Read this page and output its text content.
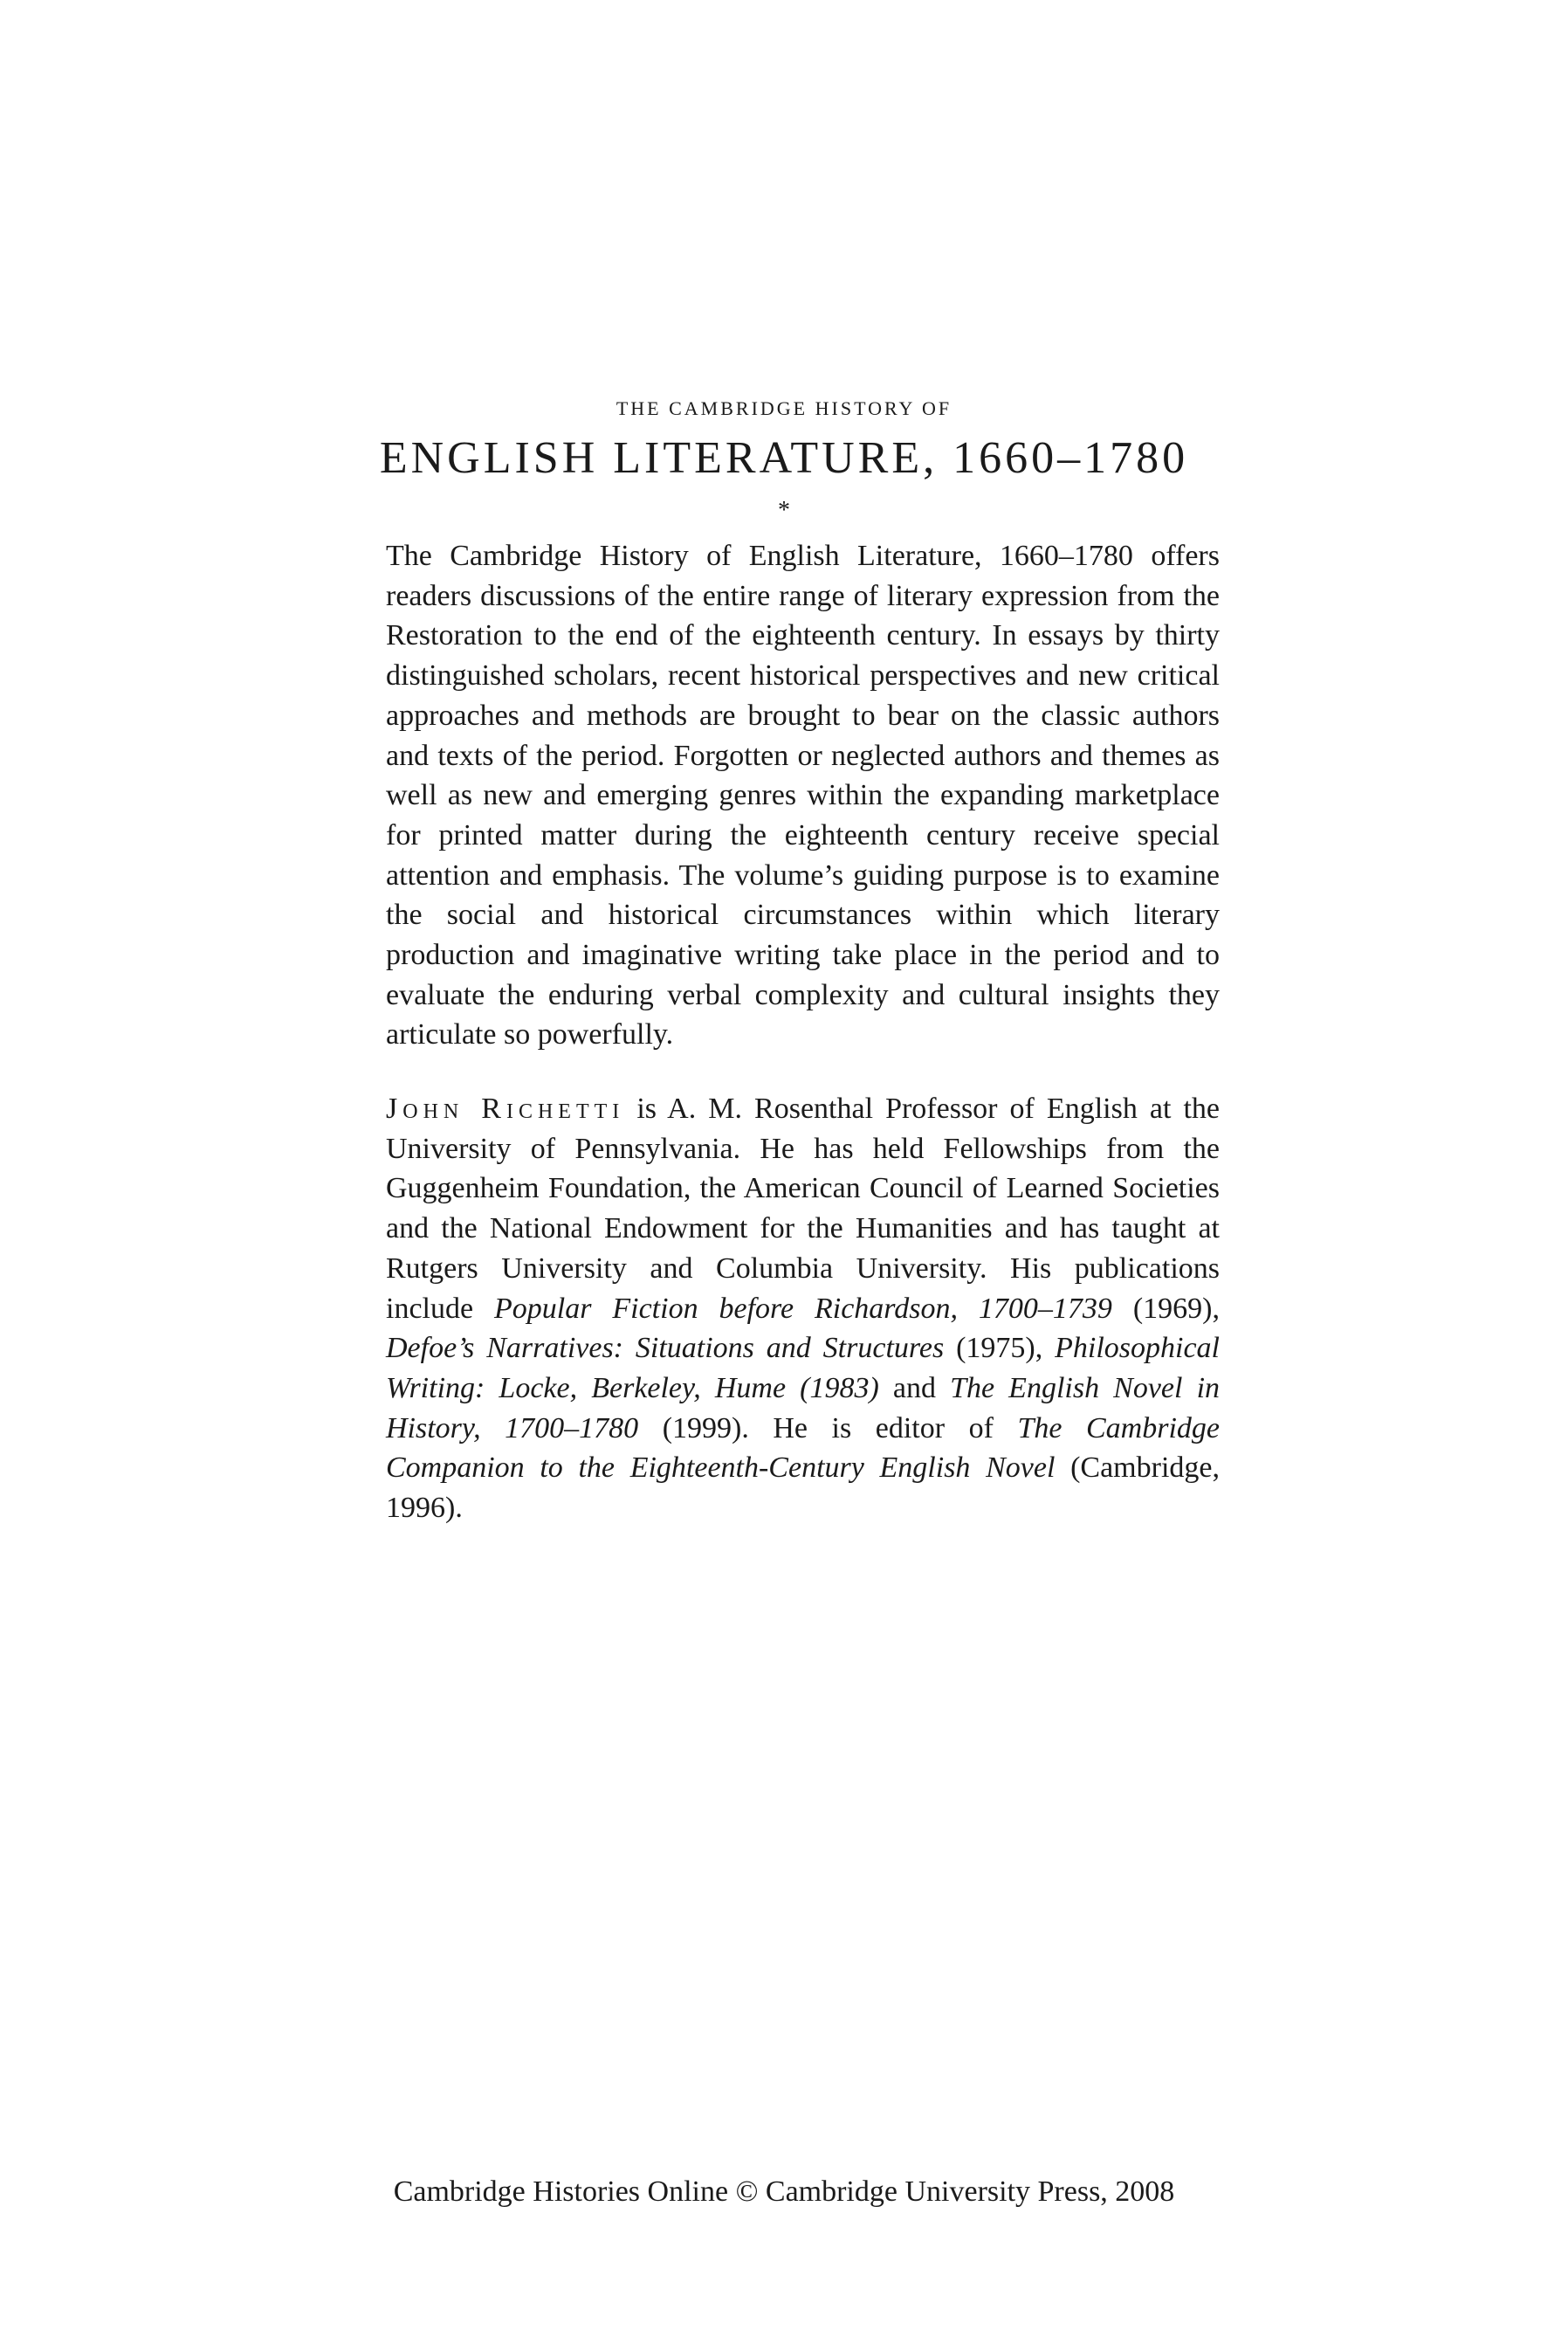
THE CAMBRIDGE HISTORY OF
ENGLISH LITERATURE, 1660–1780
*

The Cambridge History of English Literature, 1660–1780 offers readers discussions of the entire range of literary expression from the Restoration to the end of the eighteenth century. In essays by thirty distinguished scholars, recent historical perspectives and new critical approaches and methods are brought to bear on the classic authors and texts of the period. Forgotten or neglected authors and themes as well as new and emerging genres within the expanding marketplace for printed matter during the eighteenth century receive special attention and emphasis. The volume’s guiding purpose is to examine the social and historical circumstances within which literary production and imaginative writing take place in the period and to evaluate the enduring verbal complexity and cultural insights they articulate so powerfully.

John Richetti is A. M. Rosenthal Professor of English at the University of Pennsylvania. He has held Fellowships from the Guggenheim Foundation, the American Council of Learned Societies and the National Endowment for the Humanities and has taught at Rutgers University and Columbia University. His publications include Popular Fiction before Richardson, 1700–1739 (1969), Defoe’s Narratives: Situations and Structures (1975), Philosophical Writing: Locke, Berkeley, Hume (1983) and The English Novel in History, 1700–1780 (1999). He is editor of The Cambridge Companion to the Eighteenth-Century English Novel (Cambridge, 1996).

Cambridge Histories Online © Cambridge University Press, 2008
